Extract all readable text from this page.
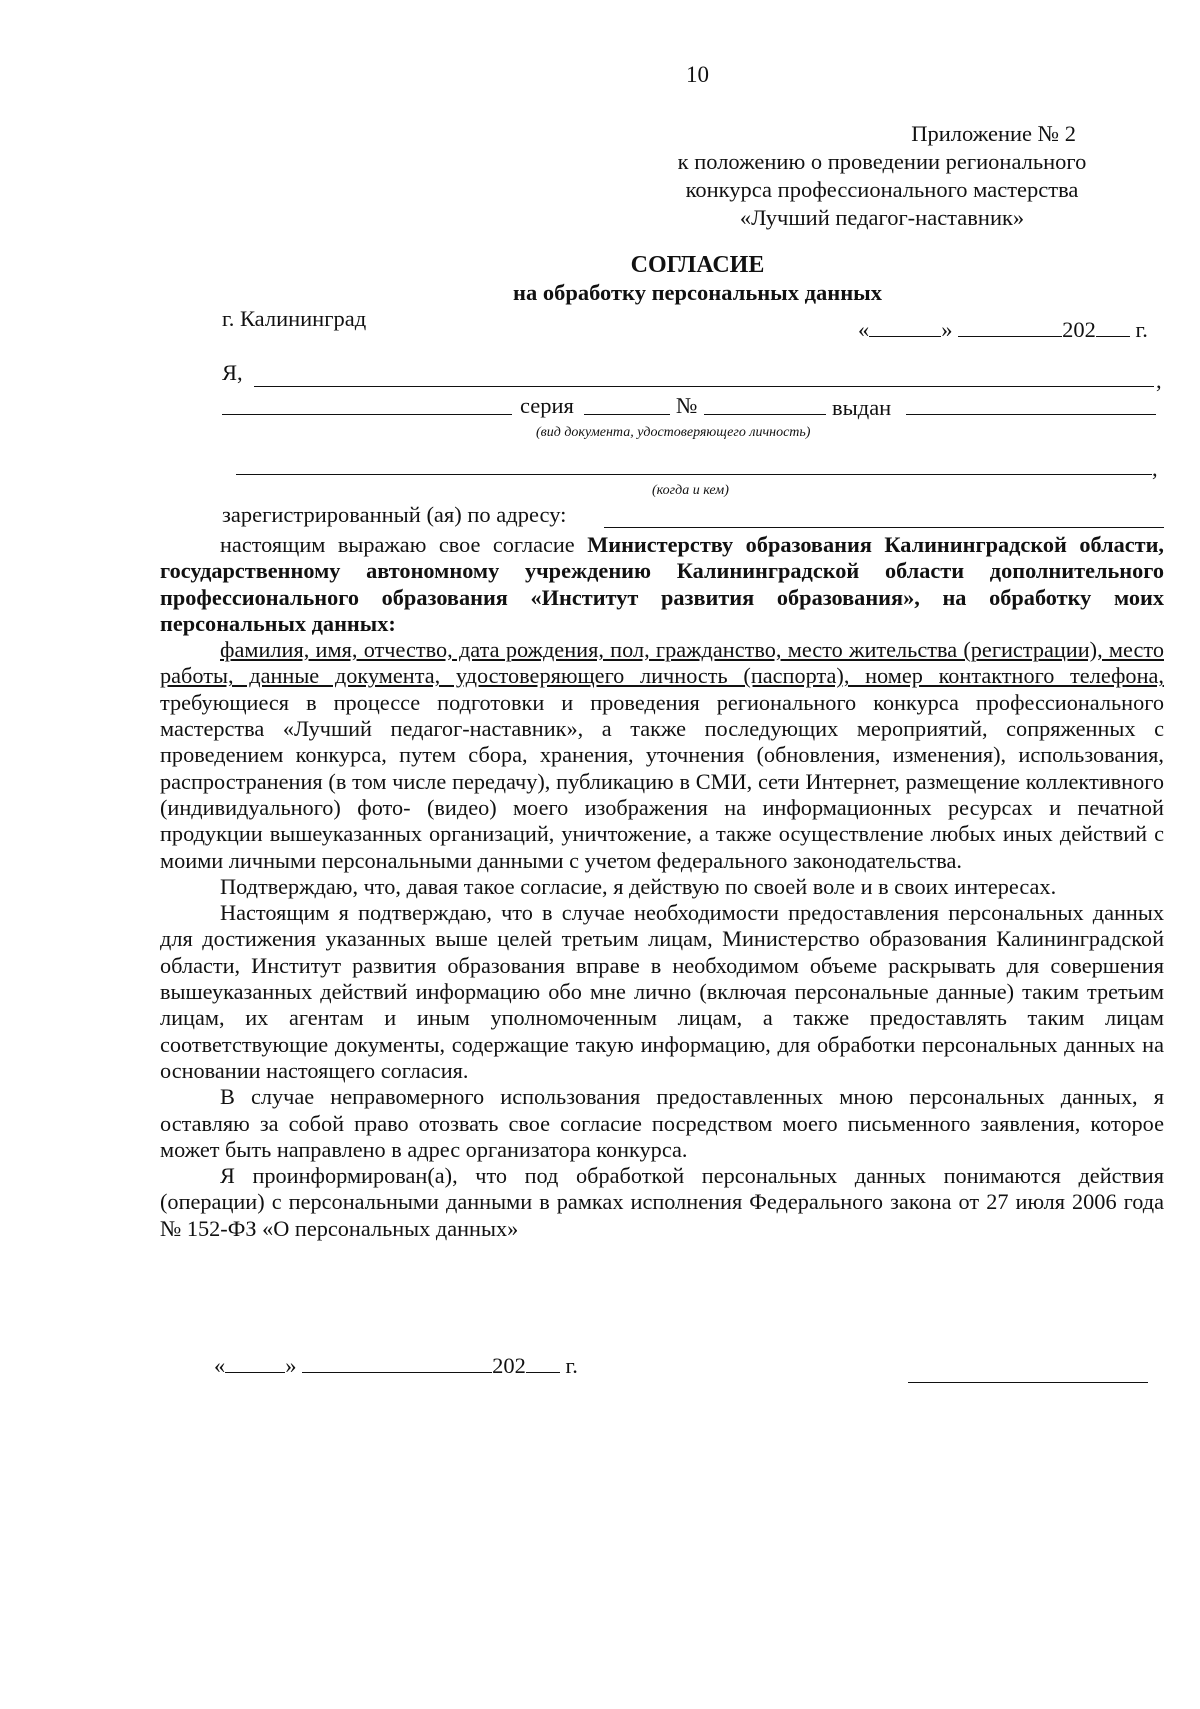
10
Приложение № 2
к положению о проведении регионального
конкурса профессионального мастерства
«Лучший педагог-наставник»
СОГЛАСИЕ
на обработку персональных данных
г. Калининград	«	»	202 г.
Я,	,
серия	№	выдан
(вид документа, удостоверяющего личность)
,
(когда и кем)
зарегистрированный (ая) по адресу:

настоящим выражаю свое согласие Министерству образования Калининградской области, государственному автономному учреждению Калининградской области дополнительного профессионального образования «Институт развития образования», на обработку моих персональных данных:

фамилия, имя, отчество, дата рождения, пол, гражданство, место жительства (регистрации), место работы, данные документа, удостоверяющего личность (паспорта), номер контактного телефона, требующиеся в процессе подготовки и проведения регионального конкурса профессионального мастерства «Лучший педагог-наставник», а также последующих мероприятий, сопряженных с проведением конкурса, путем сбора, хранения, уточнения (обновления, изменения), использования, распространения (в том числе передачу), публикацию в СМИ, сети Интернет, размещение коллективного (индивидуального) фото- (видео) моего изображения на информационных ресурсах и печатной продукции вышеуказанных организаций, уничтожение, а также осуществление любых иных действий с моими личными персональными данными с учетом федерального законодательства.

Подтверждаю, что, давая такое согласие, я действую по своей воле и в своих интересах.

Настоящим я подтверждаю, что в случае необходимости предоставления персональных данных для достижения указанных выше целей третьим лицам, Министерство образования Калининградской области, Институт развития образования вправе в необходимом объеме раскрывать для совершения вышеуказанных действий информацию обо мне лично (включая персональные данные) таким третьим лицам, их агентам и иным уполномоченным лицам, а также предоставлять таким лицам соответствующие документы, содержащие такую информацию, для обработки персональных данных на основании настоящего согласия.

В случае неправомерного использования предоставленных мною персональных данных, я оставляю за собой право отозвать свое согласие посредством моего письменного заявления, которое может быть направлено в адрес организатора конкурса.

Я проинформирован(а), что под обработкой персональных данных понимаются действия (операции) с персональными данными в рамках исполнения Федерального закона от 27 июля 2006 года № 152-ФЗ «О персональных данных»

«	»	202 г.
